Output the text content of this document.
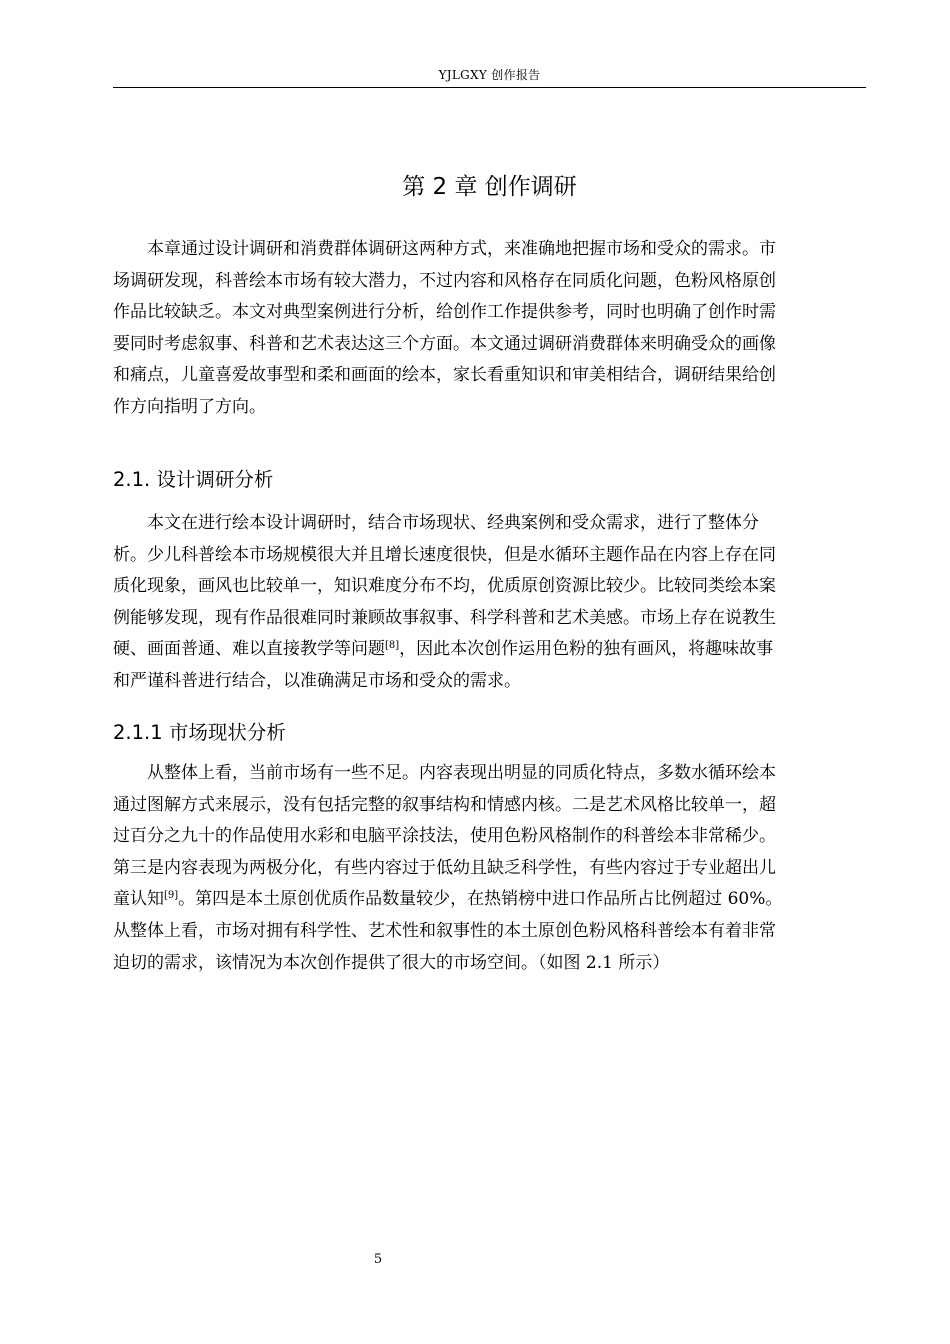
YJLGXY 创作报告
第 2 章 创作调研

　　本章通过设计调研和消费群体调研这两种方式，来准确地把握市场和受众的需求。市
场调研发现，科普绘本市场有较大潜力，不过内容和风格存在同质化问题，色粉风格原创
作品比较缺乏。本文对典型案例进行分析，给创作工作提供参考，同时也明确了创作时需
要同时考虑叙事、科普和艺术表达这三个方面。本文通过调研消费群体来明确受众的画像
和痛点，儿童喜爱故事型和柔和画面的绘本，家长看重知识和审美相结合，调研结果给创
作方向指明了方向。

2.1. 设计调研分析

　　本文在进行绘本设计调研时，结合市场现状、经典案例和受众需求，进行了整体分
析。少儿科普绘本市场规模很大并且增长速度很快，但是水循环主题作品在内容上存在同
质化现象，画风也比较单一，知识难度分布不均，优质原创资源比较少。比较同类绘本案
例能够发现，现有作品很难同时兼顾故事叙事、科学科普和艺术美感。市场上存在说教生
硬、画面普通、难以直接教学等问题[8]，因此本次创作运用色粉的独有画风，将趣味故事
和严谨科普进行结合，以准确满足市场和受众的需求。

2.1.1 市场现状分析

　　从整体上看，当前市场有一些不足。内容表现出明显的同质化特点，多数水循环绘本
通过图解方式来展示，没有包括完整的叙事结构和情感内核。二是艺术风格比较单一，超
过百分之九十的作品使用水彩和电脑平涂技法，使用色粉风格制作的科普绘本非常稀少。
第三是内容表现为两极分化，有些内容过于低幼且缺乏科学性，有些内容过于专业超出儿
童认知[9]。第四是本土原创优质作品数量较少，在热销榜中进口作品所占比例超过 60%。
从整体上看，市场对拥有科学性、艺术性和叙事性的本土原创色粉风格科普绘本有着非常
迫切的需求，该情况为本次创作提供了很大的市场空间。（如图 2.1 所示）

5
